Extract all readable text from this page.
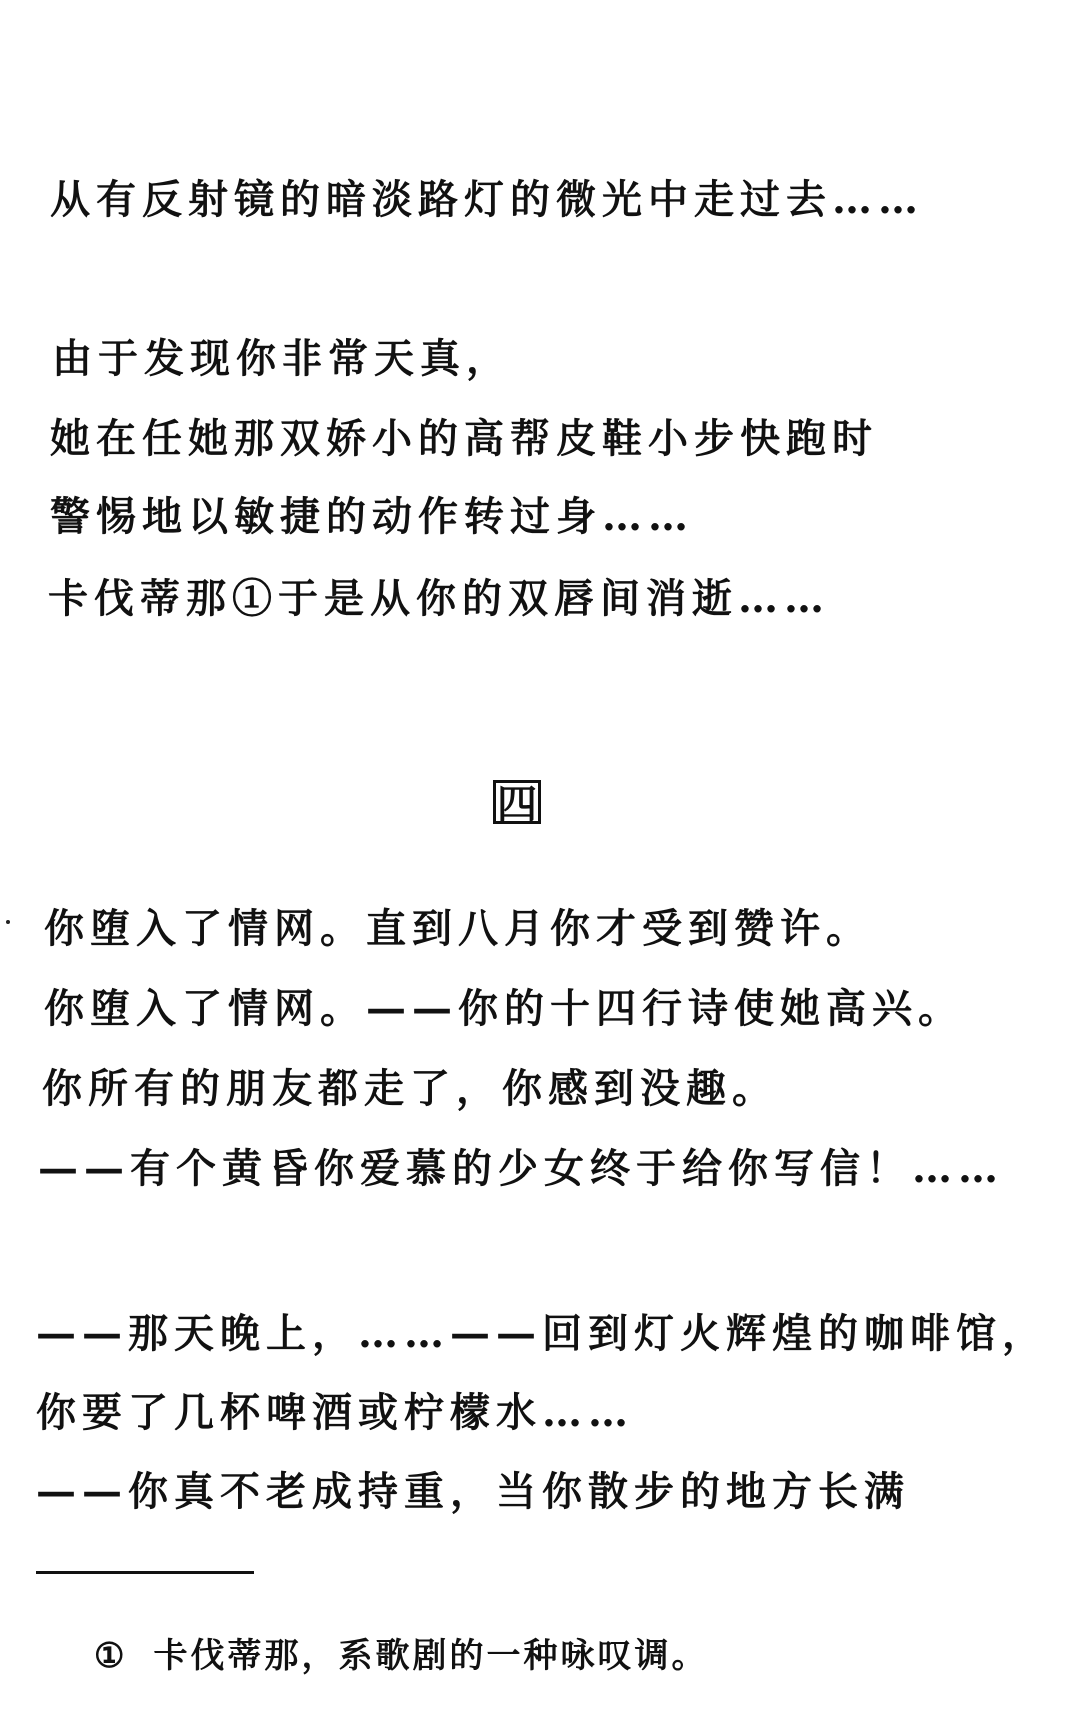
从有反射镜的暗淡路灯的微光中走过去……
由于发现你非常天真，
她在任她那双娇小的高帮皮鞋小步快跑时
警惕地以敏捷的动作转过身……
卡伐蒂那①于是从你的双唇间消逝……
四
你堕入了情网。直到八月你才受到赞许。
你堕入了情网。——你的十四行诗使她高兴。
你所有的朋友都走了，你感到没趣。
——有个黄昏你爱慕的少女终于给你写信！……
——那天晚上，……——回到灯火辉煌的咖啡馆，
你要了几杯啤酒或柠檬水……
——你真不老成持重，当你散步的地方长满
① 卡伐蒂那，系歌剧的一种咏叹调。
